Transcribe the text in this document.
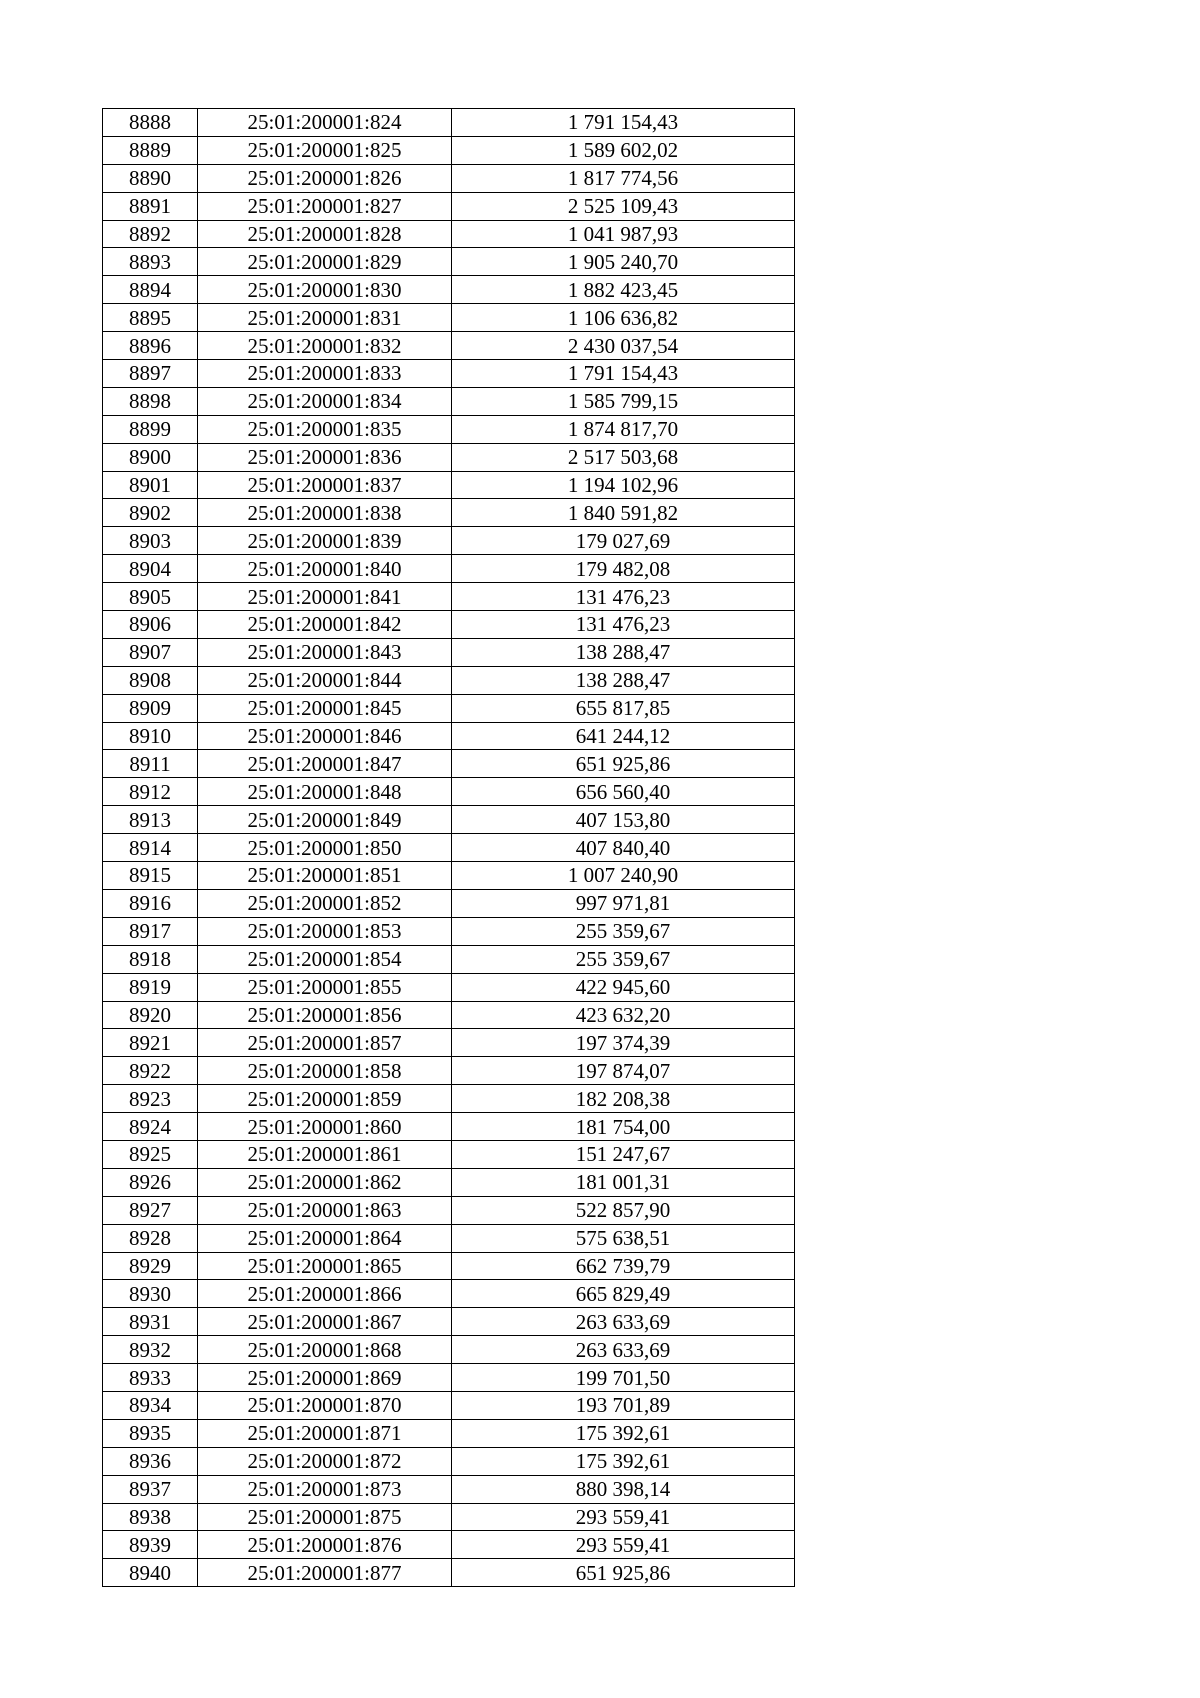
8888	25:01:200001:824	1 791 154,43
8889	25:01:200001:825	1 589 602,02
8890	25:01:200001:826	1 817 774,56
8891	25:01:200001:827	2 525 109,43
8892	25:01:200001:828	1 041 987,93
8893	25:01:200001:829	1 905 240,70
8894	25:01:200001:830	1 882 423,45
8895	25:01:200001:831	1 106 636,82
8896	25:01:200001:832	2 430 037,54
8897	25:01:200001:833	1 791 154,43
8898	25:01:200001:834	1 585 799,15
8899	25:01:200001:835	1 874 817,70
8900	25:01:200001:836	2 517 503,68
8901	25:01:200001:837	1 194 102,96
8902	25:01:200001:838	1 840 591,82
8903	25:01:200001:839	179 027,69
8904	25:01:200001:840	179 482,08
8905	25:01:200001:841	131 476,23
8906	25:01:200001:842	131 476,23
8907	25:01:200001:843	138 288,47
8908	25:01:200001:844	138 288,47
8909	25:01:200001:845	655 817,85
8910	25:01:200001:846	641 244,12
8911	25:01:200001:847	651 925,86
8912	25:01:200001:848	656 560,40
8913	25:01:200001:849	407 153,80
8914	25:01:200001:850	407 840,40
8915	25:01:200001:851	1 007 240,90
8916	25:01:200001:852	997 971,81
8917	25:01:200001:853	255 359,67
8918	25:01:200001:854	255 359,67
8919	25:01:200001:855	422 945,60
8920	25:01:200001:856	423 632,20
8921	25:01:200001:857	197 374,39
8922	25:01:200001:858	197 874,07
8923	25:01:200001:859	182 208,38
8924	25:01:200001:860	181 754,00
8925	25:01:200001:861	151 247,67
8926	25:01:200001:862	181 001,31
8927	25:01:200001:863	522 857,90
8928	25:01:200001:864	575 638,51
8929	25:01:200001:865	662 739,79
8930	25:01:200001:866	665 829,49
8931	25:01:200001:867	263 633,69
8932	25:01:200001:868	263 633,69
8933	25:01:200001:869	199 701,50
8934	25:01:200001:870	193 701,89
8935	25:01:200001:871	175 392,61
8936	25:01:200001:872	175 392,61
8937	25:01:200001:873	880 398,14
8938	25:01:200001:875	293 559,41
8939	25:01:200001:876	293 559,41
8940	25:01:200001:877	651 925,86
